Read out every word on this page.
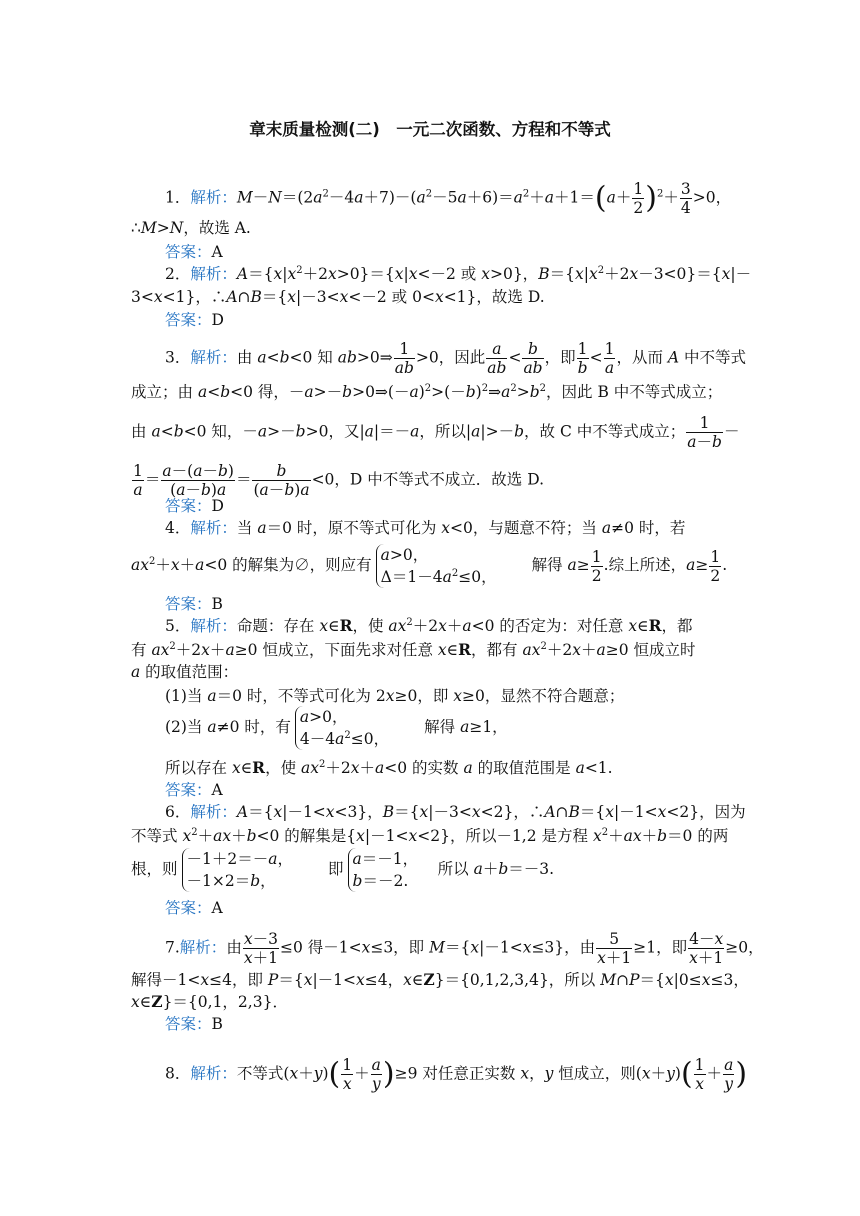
章末质量检测(二)　一元二次函数、方程和不等式
1．解析：$M-N=(2a^2-4a+7)-(a^2-5a+6)=a^2+a+1=(a+ \frac{1}{2} )^2+ \frac{3}{4} >0$，
∴M>N，故选 A.
答案：A
2．解析：$A=\{x|x^2+2x>0\}=\{x|x<-2$ 或 x>0}，$B=\{x|x^2+2x-3<0\}=\{x|-$
3<x<1}，∴A∩B＝{x|－3<x<－2 或 0<x<1}，故选 D.
答案：D
3．解析：由 a<b<0 知 ab>0⇒ $\frac{1}{ab} >0$，因此 $\frac{a}{ab} < \frac{b}{ab}$ ，即 $\frac{1}{b} < \frac{1}{a}$ ，从而 A 中不等式
成立；由 a<b<0 得，$-a>-b>0\Rightarrow(-a)^2>(-b)^2\Rightarrow a^2>b^2$，因此 B 中不等式成立；
由 a<b<0 知，－a>－b>0，又|a|＝－a，所以|a|>－b，故 C 中不等式成立； $\frac{1}{a-b}$ －
$\frac{1}{a} = \frac{a-(a-b)}{(a-b)a} = \frac{b}{(a-b)a} <0$，D 中不等式不成立．故选 D.
答案：D
4．解析：当 a＝0 时，原不等式可化为 x<0，与题意不符；当 a≠0 时，若
$ax^2+x+a<0$ 的解集为∅，则应有
a>0，
$\Delta=1-4a^2\le 0$，
　　解得 $a\ge \frac{1}{2}$ .综上所述，$a\ge \frac{1}{2}$ .
答案：B
5．解析：命题：存在 x∈R，使 $ax^2+2x+a<0$ 的否定为：对任意 x∈R，都
有 $ax^2+2x+a\ge 0$ 恒成立，下面先求对任意 x∈R，都有 $ax^2+2x+a\ge 0$ 恒成立时
a 的取值范围：
(1)当 a＝0 时，不等式可化为 2x≥0，即 x≥0，显然不符合题意；
(2)当 a≠0 时，有
a>0，
$4-4a^2\le 0$，
　　解得 a≥1，
所以存在 x∈R，使 $ax^2+2x+a<0$ 的实数 a 的取值范围是 a<1.
答案：A
6．解析：A＝{x|－1<x<3}，B＝{x|－3<x<2}，∴A∩B＝{x|－1<x<2}，因为
不等式 $x^2+ax+b<0$ 的解集是{x|－1<x<2}，所以－1,2 是方程 $x^2+ax+b=0$ 的两
根，则
－1＋2＝－a，
－1×2＝b，
　　即
a＝－1，
b＝－2.
　所以 a＋b＝－3.
答案：A
7.解析：由 $\frac{x-3}{x+1} \le 0$ 得－1<x≤3，即 M＝{x|－1<x≤3}，由 $\frac{5}{x+1} \ge 1$，即 $\frac{4-x}{x+1} \ge 0$，
解得－1<x≤4，即 P＝{x|－1<x≤4，x∈Z}＝{0,1,2,3,4}，所以 M∩P＝{x|0≤x≤3，
x∈Z}＝{0,1，2,3}．
答案：B
8．解析：不等式$(x+y)( \frac{1}{x} + \frac{a}{y} )\ge 9$ 对任意正实数 x，y 恒成立，则$(x+y)( \frac{1}{x} + \frac{a}{y}$ )
